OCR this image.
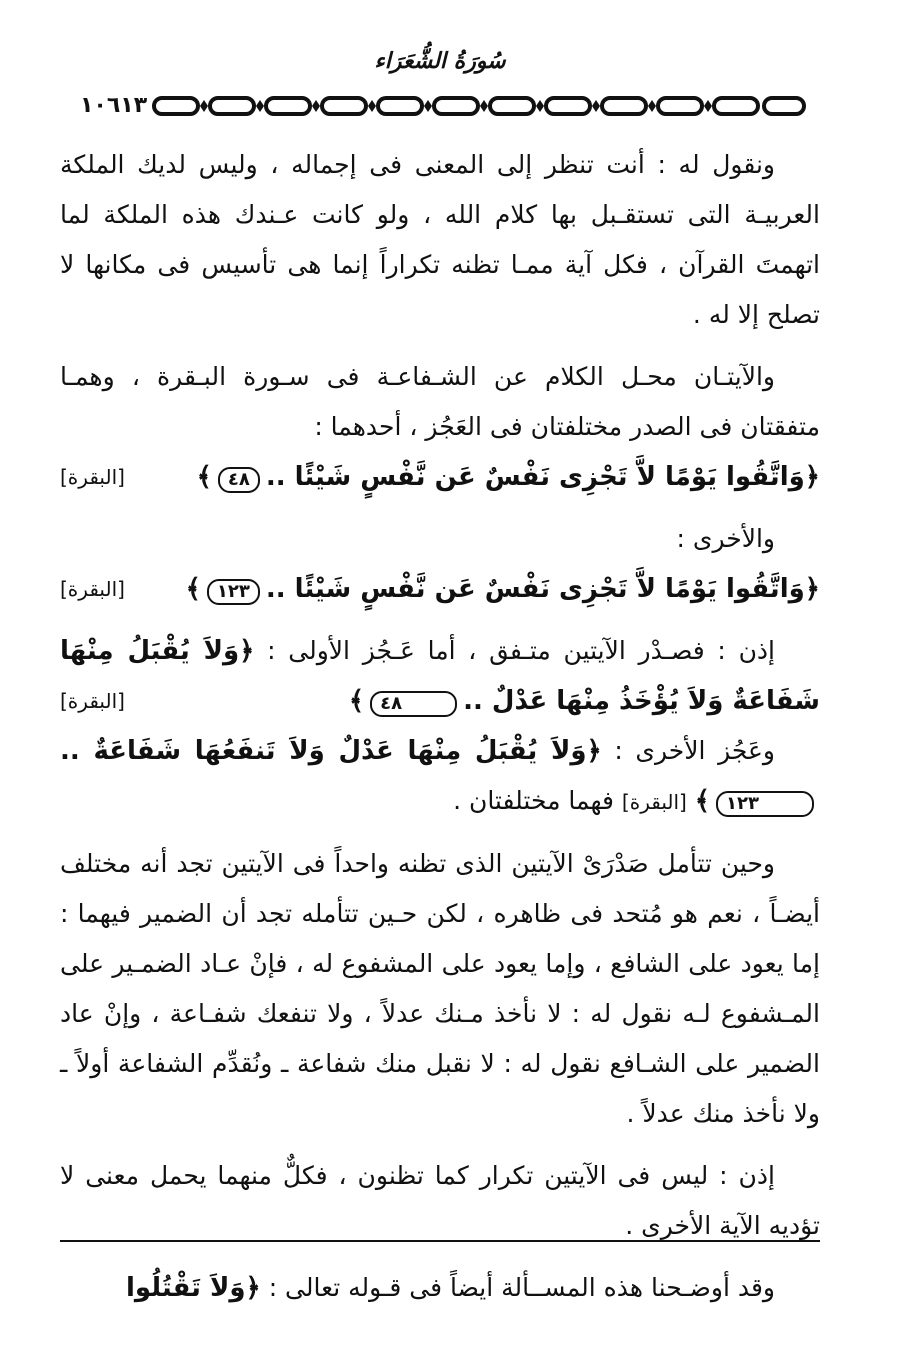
سُورَةُ الشُّعَرَاء
١٠٦١٣

ونقول له : أنت تنظر إلى المعنى فى إجماله ، وليس لديك الملكة العربيـة التى تستقـبل بها كلام الله ، ولو كانت عـندك هذه الملكة لما اتهمتَ القرآن ، فكل آية ممـا تظنه تكراراً إنما هى تأسيس فى مكانها لا تصلح إلا له .

والآيتـان محـل الكلام عن الشـفاعـة فى سـورة البـقرة ، وهمـا متفقتان فى الصدر مختلفتان فى العَجُز ، أحدهما :

﴿وَاتَّقُوا يَوْمًا لاَّ تَجْزِى نَفْسٌ عَن نَّفْسٍ شَيْئًا ..٤٨﴾
[البقرة]

والأخرى :

﴿وَاتَّقُوا يَوْمًا لاَّ تَجْزِى نَفْسٌ عَن نَّفْسٍ شَيْئًا ..١٢٣﴾
[البقرة]

إذن : فصـدْر الآيتين متـفق ، أما عَـجُز الأولى : ﴿وَلاَ يُقْبَلُ مِنْهَا شَفَاعَةٌ وَلاَ يُؤْخَذُ مِنْهَا عَدْلٌ ..٤٨﴾
[البقرة]

وعَجُز الأخرى : ﴿وَلاَ يُقْبَلُ مِنْهَا عَدْلٌ وَلاَ تَنفَعُهَا شَفَاعَةٌ ..١٢٣﴾ [البقرة] فهما مختلفتان .

وحين تتأمل صَدْرَىْ الآيتين الذى تظنه واحداً فى الآيتين تجد أنه مختلف أيضـاً ، نعم هو مُتحد فى ظاهره ، لكن حـين تتأمله تجد أن الضمير فيهما : إما يعود على الشافع ، وإما يعود على المشفوع له ، فإنْ عـاد الضمـير على المـشفوع لـه نقول له : لا نأخذ مـنك عدلاً ، ولا تنفعك شفـاعة ، وإنْ عاد الضمير على الشـافع نقول له : لا نقبل منك شفاعة ـ ونُقدِّم الشفاعة أولاً ـ ولا نأخذ منك عدلاً .

إذن : ليس فى الآيتين تكرار كما تظنون ، فكلٌّ منهما يحمل معنى لا تؤديه الآية الأخرى .

وقد أوضـحنا هذه المســألة أيضاً فى قـوله تعالى : ﴿وَلاَ تَقْتُلُوا
